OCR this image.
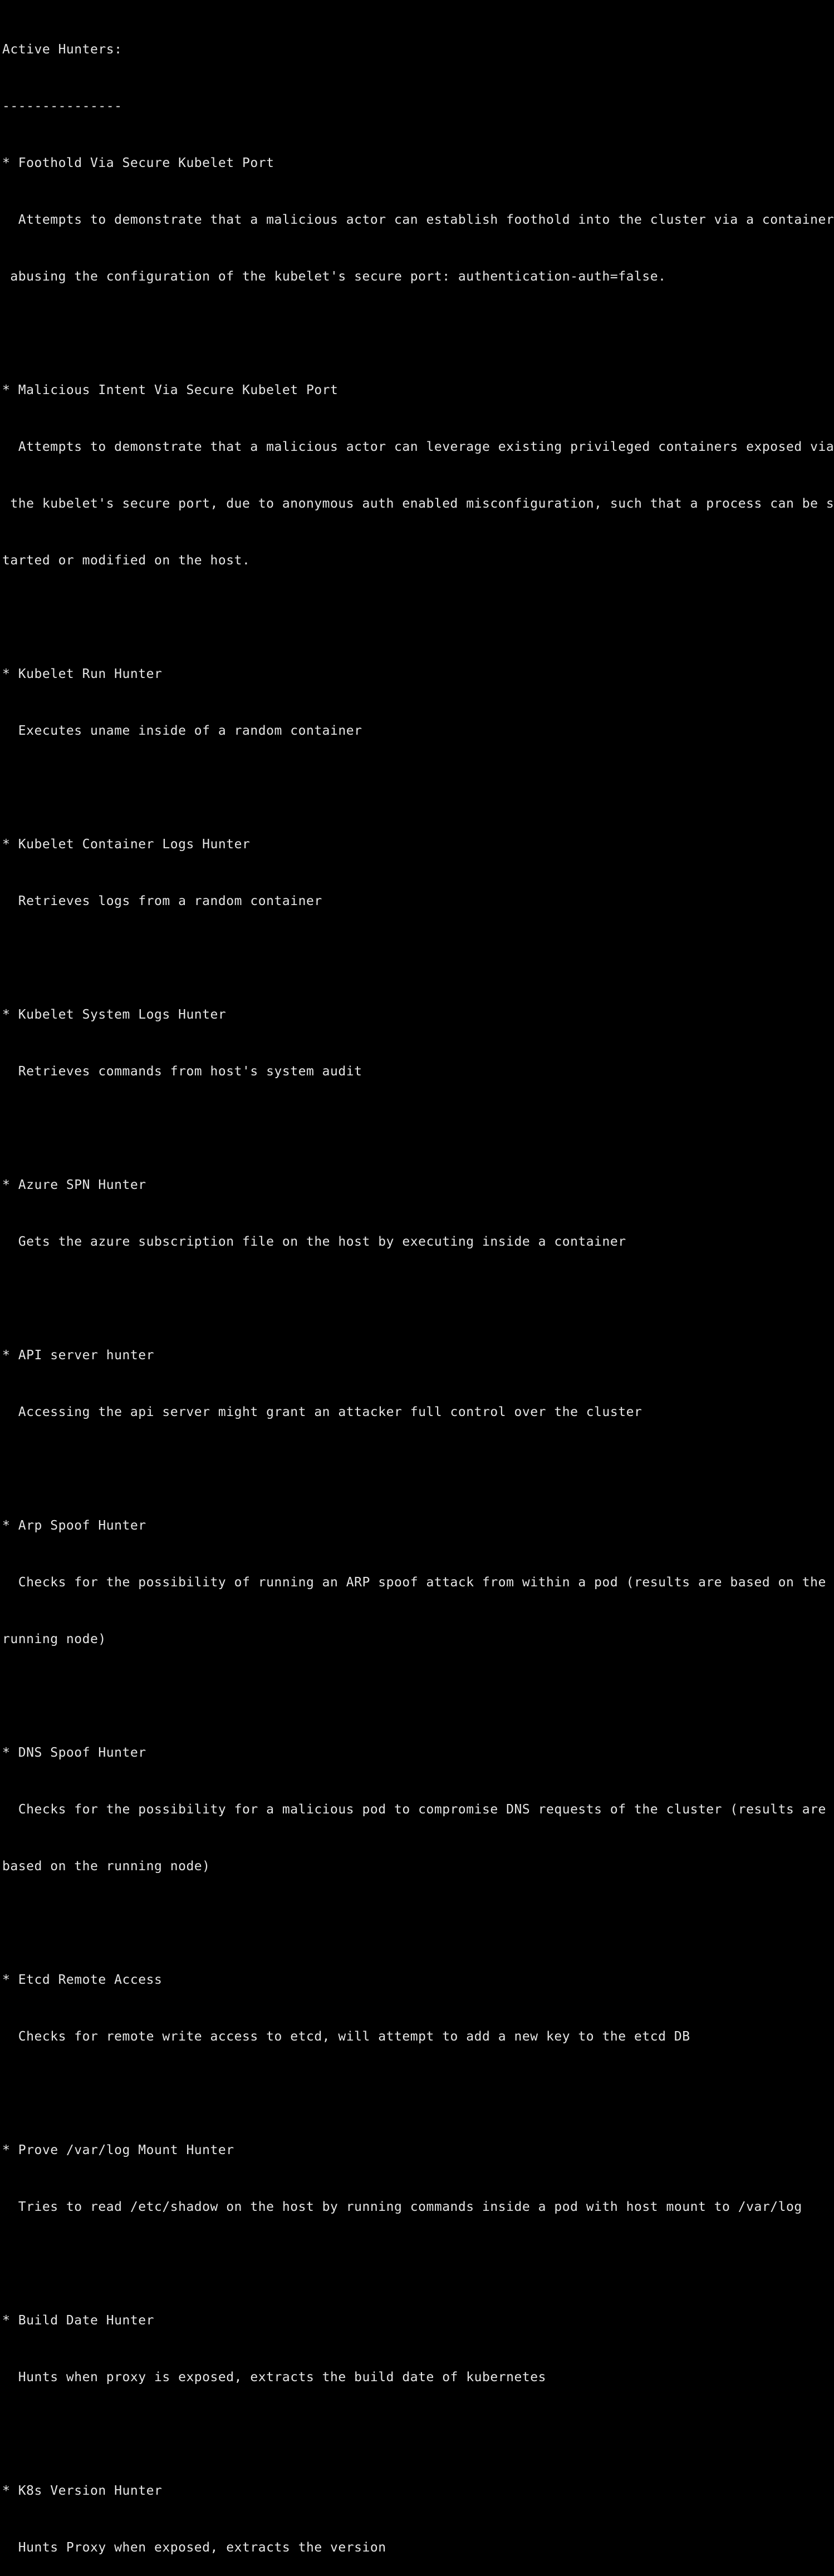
Active Hunters:

---------------

* Foothold Via Secure Kubelet Port

Attempts to demonstrate that a malicious actor can establish foothold into the cluster via a container

abusing the configuration of the kubelet's secure port: authentication-auth=false.

* Malicious Intent Via Secure Kubelet Port

Attempts to demonstrate that a malicious actor can leverage existing privileged containers exposed via

the kubelet's secure port, due to anonymous auth enabled misconfiguration, such that a process can be s

tarted or modified on the host.

* Kubelet Run Hunter

Executes uname inside of a random container

* Kubelet Container Logs Hunter

Retrieves logs from a random container

* Kubelet System Logs Hunter

Retrieves commands from host's system audit

* Azure SPN Hunter

Gets the azure subscription file on the host by executing inside a container

* API server hunter

Accessing the api server might grant an attacker full control over the cluster

* Arp Spoof Hunter

Checks for the possibility of running an ARP spoof attack from within a pod (results are based on the

running node)

* DNS Spoof Hunter

Checks for the possibility for a malicious pod to compromise DNS requests of the cluster (results are

based on the running node)

* Etcd Remote Access

Checks for remote write access to etcd, will attempt to add a new key to the etcd DB

* Prove /var/log Mount Hunter

Tries to read /etc/shadow on the host by running commands inside a pod with host mount to /var/log

* Build Date Hunter

Hunts when proxy is exposed, extracts the build date of kubernetes

* K8s Version Hunter

Hunts Proxy when exposed, extracts the version
